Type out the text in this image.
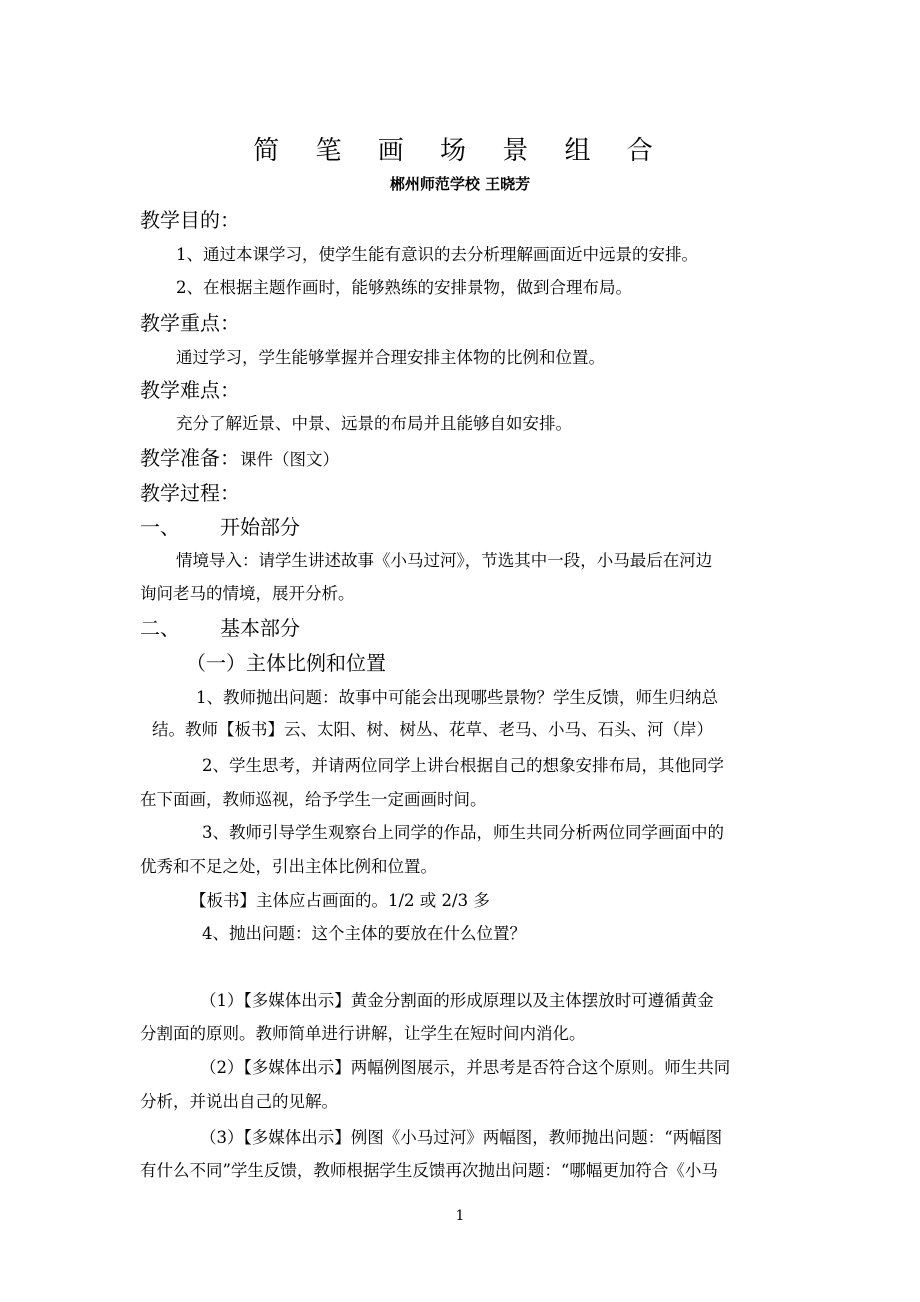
简 笔 画 场 景 组 合
郴州师范学校 王晓芳
教学目的：
1、通过本课学习，使学生能有意识的去分析理解画面近中远景的安排。
2、在根据主题作画时，能够熟练的安排景物，做到合理布局。
教学重点：
通过学习，学生能够掌握并合理安排主体物的比例和位置。
教学难点：
充分了解近景、中景、远景的布局并且能够自如安排。
教学准备：课件（图文）
教学过程：
一、 开始部分
情境导入：请学生讲述故事《小马过河》，节选其中一段，小马最后在河边
询问老马的情境，展开分析。
二、 基本部分
（一）主体比例和位置
1、教师抛出问题：故事中可能会出现哪些景物？学生反馈，师生归纳总
结。教师【板书】云、太阳、树、树丛、花草、老马、小马、石头、河（岸）
2、学生思考，并请两位同学上讲台根据自己的想象安排布局，其他同学
在下面画，教师巡视，给予学生一定画画时间。
3、教师引导学生观察台上同学的作品，师生共同分析两位同学画面中的
优秀和不足之处，引出主体比例和位置。
【板书】主体应占画面的。1/2 或 2/3 多
4、抛出问题：这个主体的要放在什么位置？
（1）【多媒体出示】黄金分割面的形成原理以及主体摆放时可遵循黄金
分割面的原则。教师简单进行讲解，让学生在短时间内消化。
（2）【多媒体出示】两幅例图展示，并思考是否符合这个原则。师生共同
分析，并说出自己的见解。
（3）【多媒体出示】例图《小马过河》两幅图，教师抛出问题：“两幅图
有什么不同”学生反馈，教师根据学生反馈再次抛出问题：“哪幅更加符合《小马
1
